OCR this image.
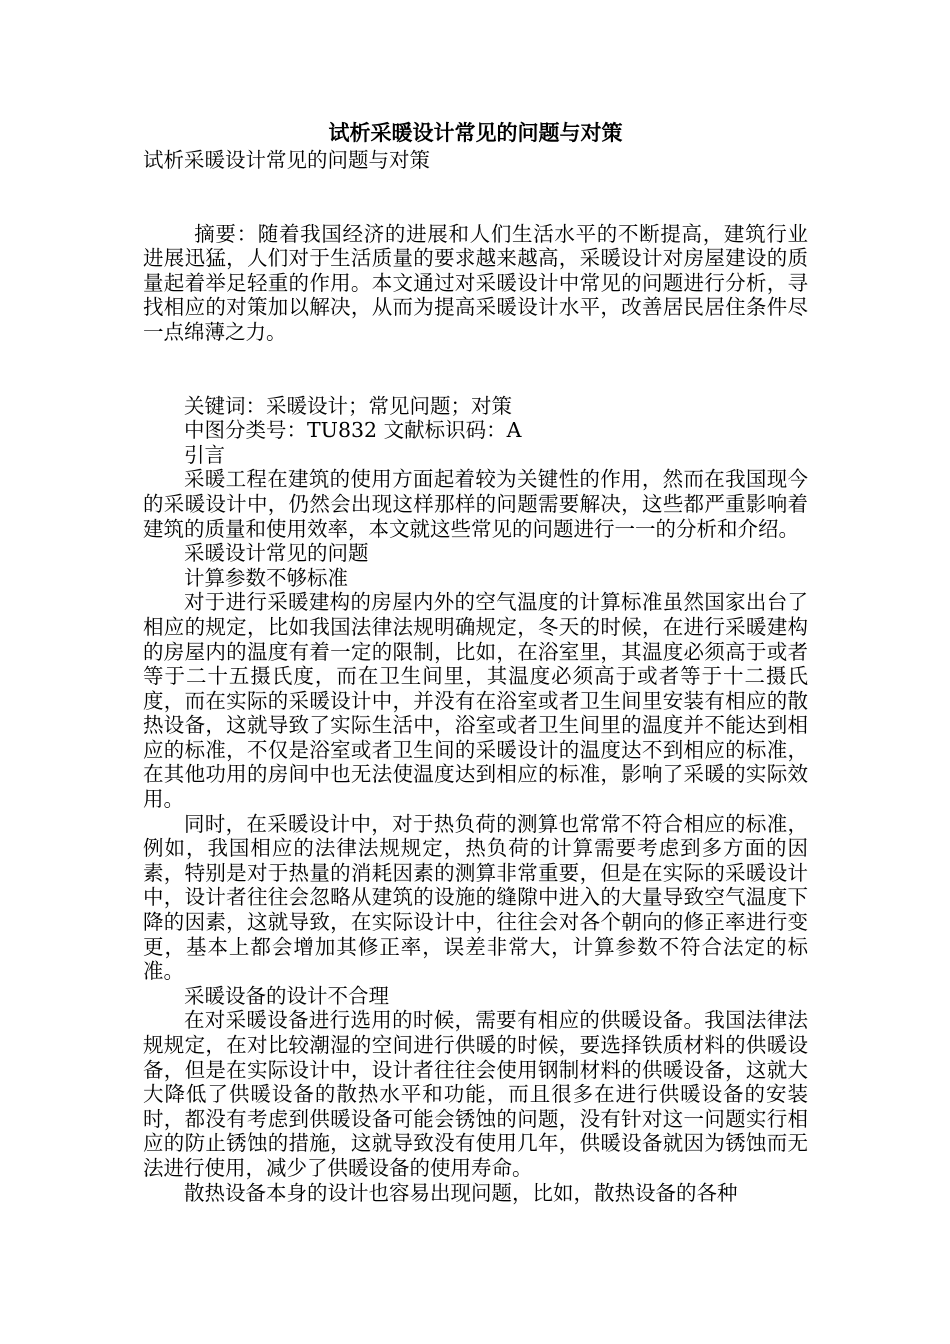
试析采暖设计常见的问题与对策

试析采暖设计常见的问题与对策

摘要：随着我国经济的进展和人们生活水平的不断提高，建筑行业进展迅猛，人们对于生活质量的要求越来越高，采暖设计对房屋建设的质量起着举足轻重的作用。本文通过对采暖设计中常见的问题进行分析，寻找相应的对策加以解决，从而为提高采暖设计水平，改善居民居住条件尽一点绵薄之力。

关键词：采暖设计；常见问题；对策

中图分类号：TU832 文献标识码：A

引言

采暖工程在建筑的使用方面起着较为关键性的作用，然而在我国现今的采暖设计中，仍然会出现这样那样的问题需要解决，这些都严重影响着建筑的质量和使用效率，本文就这些常见的问题进行一一的分析和介绍。

采暖设计常见的问题

计算参数不够标准

对于进行采暖建构的房屋内外的空气温度的计算标准虽然国家出台了相应的规定，比如我国法律法规明确规定，冬天的时候，在进行采暖建构的房屋内的温度有着一定的限制，比如，在浴室里，其温度必须高于或者等于二十五摄氏度，而在卫生间里，其温度必须高于或者等于十二摄氏度，而在实际的采暖设计中，并没有在浴室或者卫生间里安装有相应的散热设备，这就导致了实际生活中，浴室或者卫生间里的温度并不能达到相应的标准，不仅是浴室或者卫生间的采暖设计的温度达不到相应的标准，在其他功用的房间中也无法使温度达到相应的标准，影响了采暖的实际效用。

同时，在采暖设计中，对于热负荷的测算也常常不符合相应的标准，例如，我国相应的法律法规规定，热负荷的计算需要考虑到多方面的因素，特别是对于热量的消耗因素的测算非常重要，但是在实际的采暖设计中，设计者往往会忽略从建筑的设施的缝隙中进入的大量导致空气温度下降的因素，这就导致，在实际设计中，往往会对各个朝向的修正率进行变更，基本上都会增加其修正率，误差非常大，计算参数不符合法定的标准。

采暖设备的设计不合理

在对采暖设备进行选用的时候，需要有相应的供暖设备。我国法律法规规定，在对比较潮湿的空间进行供暖的时候，要选择铁质材料的供暖设备，但是在实际设计中，设计者往往会使用钢制材料的供暖设备，这就大大降低了供暖设备的散热水平和功能，而且很多在进行供暖设备的安装时，都没有考虑到供暖设备可能会锈蚀的问题，没有针对这一问题实行相应的防止锈蚀的措施，这就导致没有使用几年，供暖设备就因为锈蚀而无法进行使用，减少了供暖设备的使用寿命。

散热设备本身的设计也容易出现问题，比如，散热设备的各种
